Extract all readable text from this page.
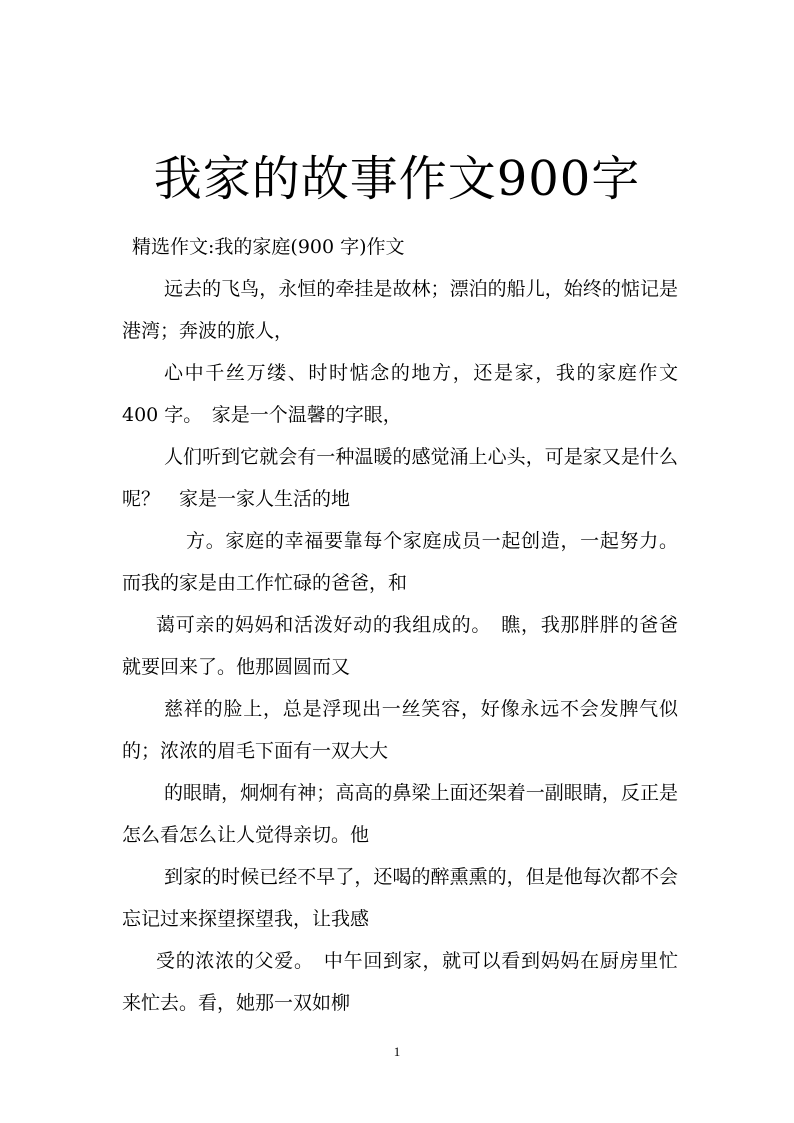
我家的故事作文900字

精选作文:我的家庭(900 字)作文

远去的飞鸟，永恒的牵挂是故林；漂泊的船儿，始终的惦记是港湾；奔波的旅人，

心中千丝万缕、时时惦念的地方，还是家，我的家庭作文 400 字。　家是一个温馨的字眼，

人们听到它就会有一种温暖的感觉涌上心头，可是家又是什么呢？　家是一家人生活的地

方。家庭的幸福要靠每个家庭成员一起创造，一起努力。而我的家是由工作忙碌的爸爸，和

蔼可亲的妈妈和活泼好动的我组成的。　瞧，我那胖胖的爸爸就要回来了。他那圆圆而又

慈祥的脸上，总是浮现出一丝笑容，好像永远不会发脾气似的；浓浓的眉毛下面有一双大大

的眼睛，炯炯有神；高高的鼻梁上面还架着一副眼睛，反正是怎么看怎么让人觉得亲切。他

到家的时候已经不早了，还喝的醉熏熏的，但是他每次都不会忘记过来探望探望我，让我感

受的浓浓的父爱。　中午回到家，就可以看到妈妈在厨房里忙来忙去。看，她那一双如柳

1
